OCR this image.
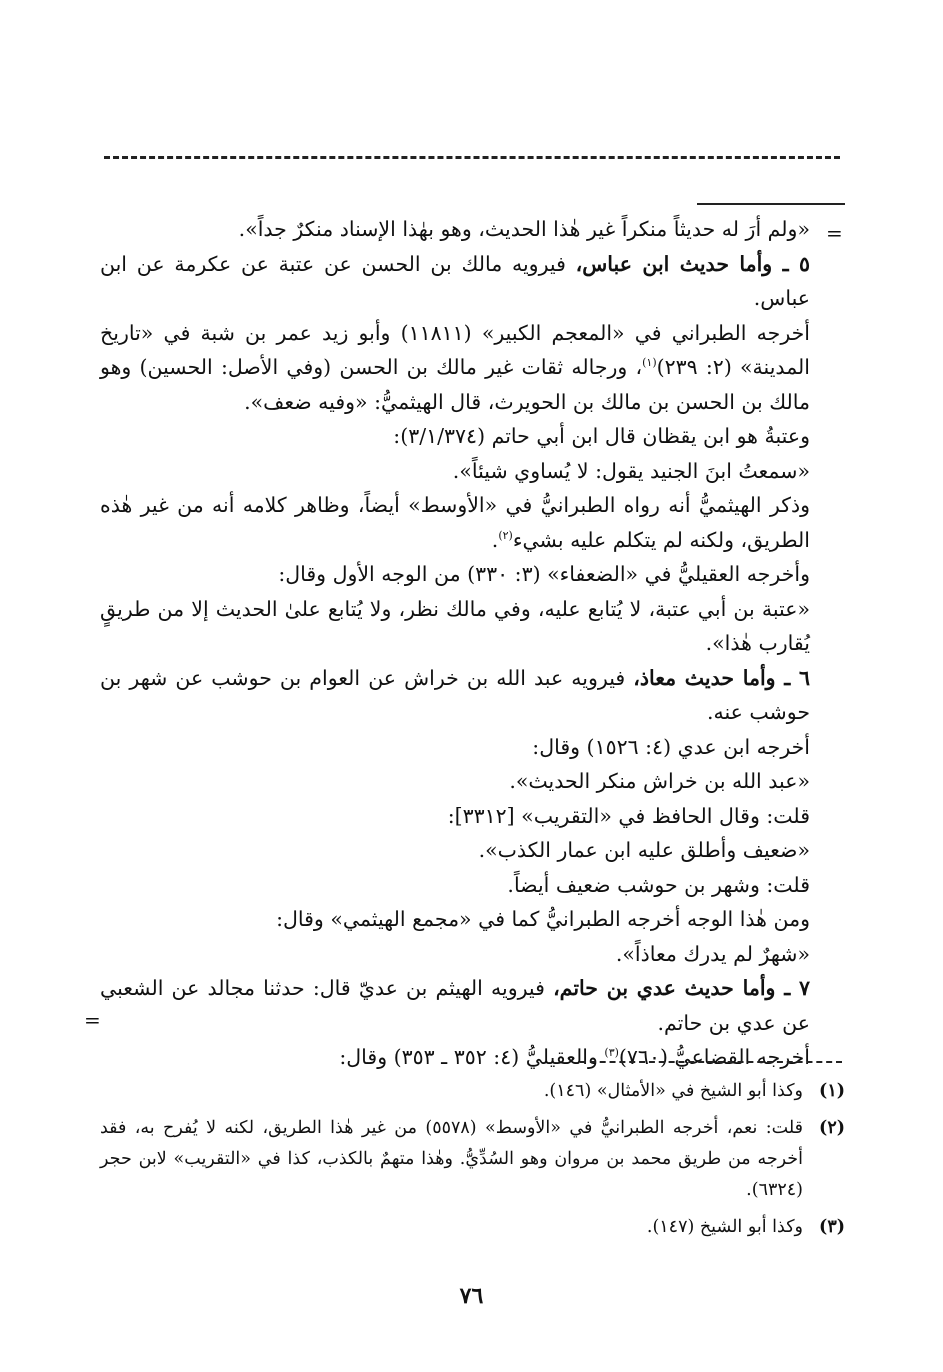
=
=

«ولم أرَ له حديثاً منكراً غير هٰذا الحديث، وهو بهٰذا الإسناد منكرٌ جداً».

٥ ـ وأما حديث ابن عباس، فيرويه مالك بن الحسن عن عتبة عن عكرمة عن ابن عباس.

أخرجه الطبراني في «المعجم الكبير» (١١٨١١) وأبو زيد عمر بن شبة في «تاريخ المدينة» (٢: ٢٣٩)$^{(١)}$، ورجاله ثقات غير مالك بن الحسن (وفي الأصل: الحسين) وهو مالك بن الحسن بن مالك بن الحويرث، قال الهيثميُّ: «وفيه ضعف».

وعتبةُ هو ابن يقظان قال ابن أبي حاتم (٣/١/٣٧٤):

«سمعتُ ابنَ الجنيد يقول: لا يُساوي شيئاً».

وذكر الهيثميُّ أنه رواه الطبرانيُّ في «الأوسط» أيضاً، وظاهر كلامه أنه من غير هٰذه الطريق، ولكنه لم يتكلم عليه بشيء$^{(٢)}$.

وأخرجه العقيليُّ في «الضعفاء» (٣: ٣٣٠) من الوجه الأول وقال:

«عتبة بن أبي عتبة، لا يُتابع عليه، وفي مالك نظر، ولا يُتابع علىٰ الحديث إلا من طريقٍ يُقارب هٰذا».

٦ ـ وأما حديث معاذ، فيرويه عبد الله بن خراش عن العوام بن حوشب عن شهر بن حوشب عنه.

أخرجه ابن عدي (٤: ١٥٢٦) وقال:

«عبد الله بن خراش منكر الحديث».

قلت: وقال الحافظ في «التقريب» [٣٣١٢]:

«ضعيف وأطلق عليه ابن عمار الكذب».

قلت: وشهر بن حوشب ضعيف أيضاً.

ومن هٰذا الوجه أخرجه الطبرانيُّ كما في «مجمع الهيثمي» وقال:

«شهرٌ لم يدرك معاذاً».

٧ ـ وأما حديث عدي بن حاتم، فيرويه الهيثم بن عديّ قال: حدثنا مجالد عن الشعبي عن عدي بن حاتم.

أخرجه القضاعيُّ (٧٦٠)$^{(٣)}$ والعقيليُّ (٤: ٣٥٢ ـ ٣٥٣) وقال:

(١)
وكذا أبو الشيخ في «الأمثال» (١٤٦).
(٢)
قلت: نعم، أخرجه الطبرانيُّ في «الأوسط» (٥٥٧٨) من غير هٰذا الطريق، لكنه لا يُفرح به، فقد أخرجه من طريق محمد بن مروان وهو السُدِّيُّ. وهٰذا متهمٌ بالكذب، كذا في «التقريب» لابن حجر (٦٣٢٤).
(٣)
وكذا أبو الشيخ (١٤٧).
٧٦
